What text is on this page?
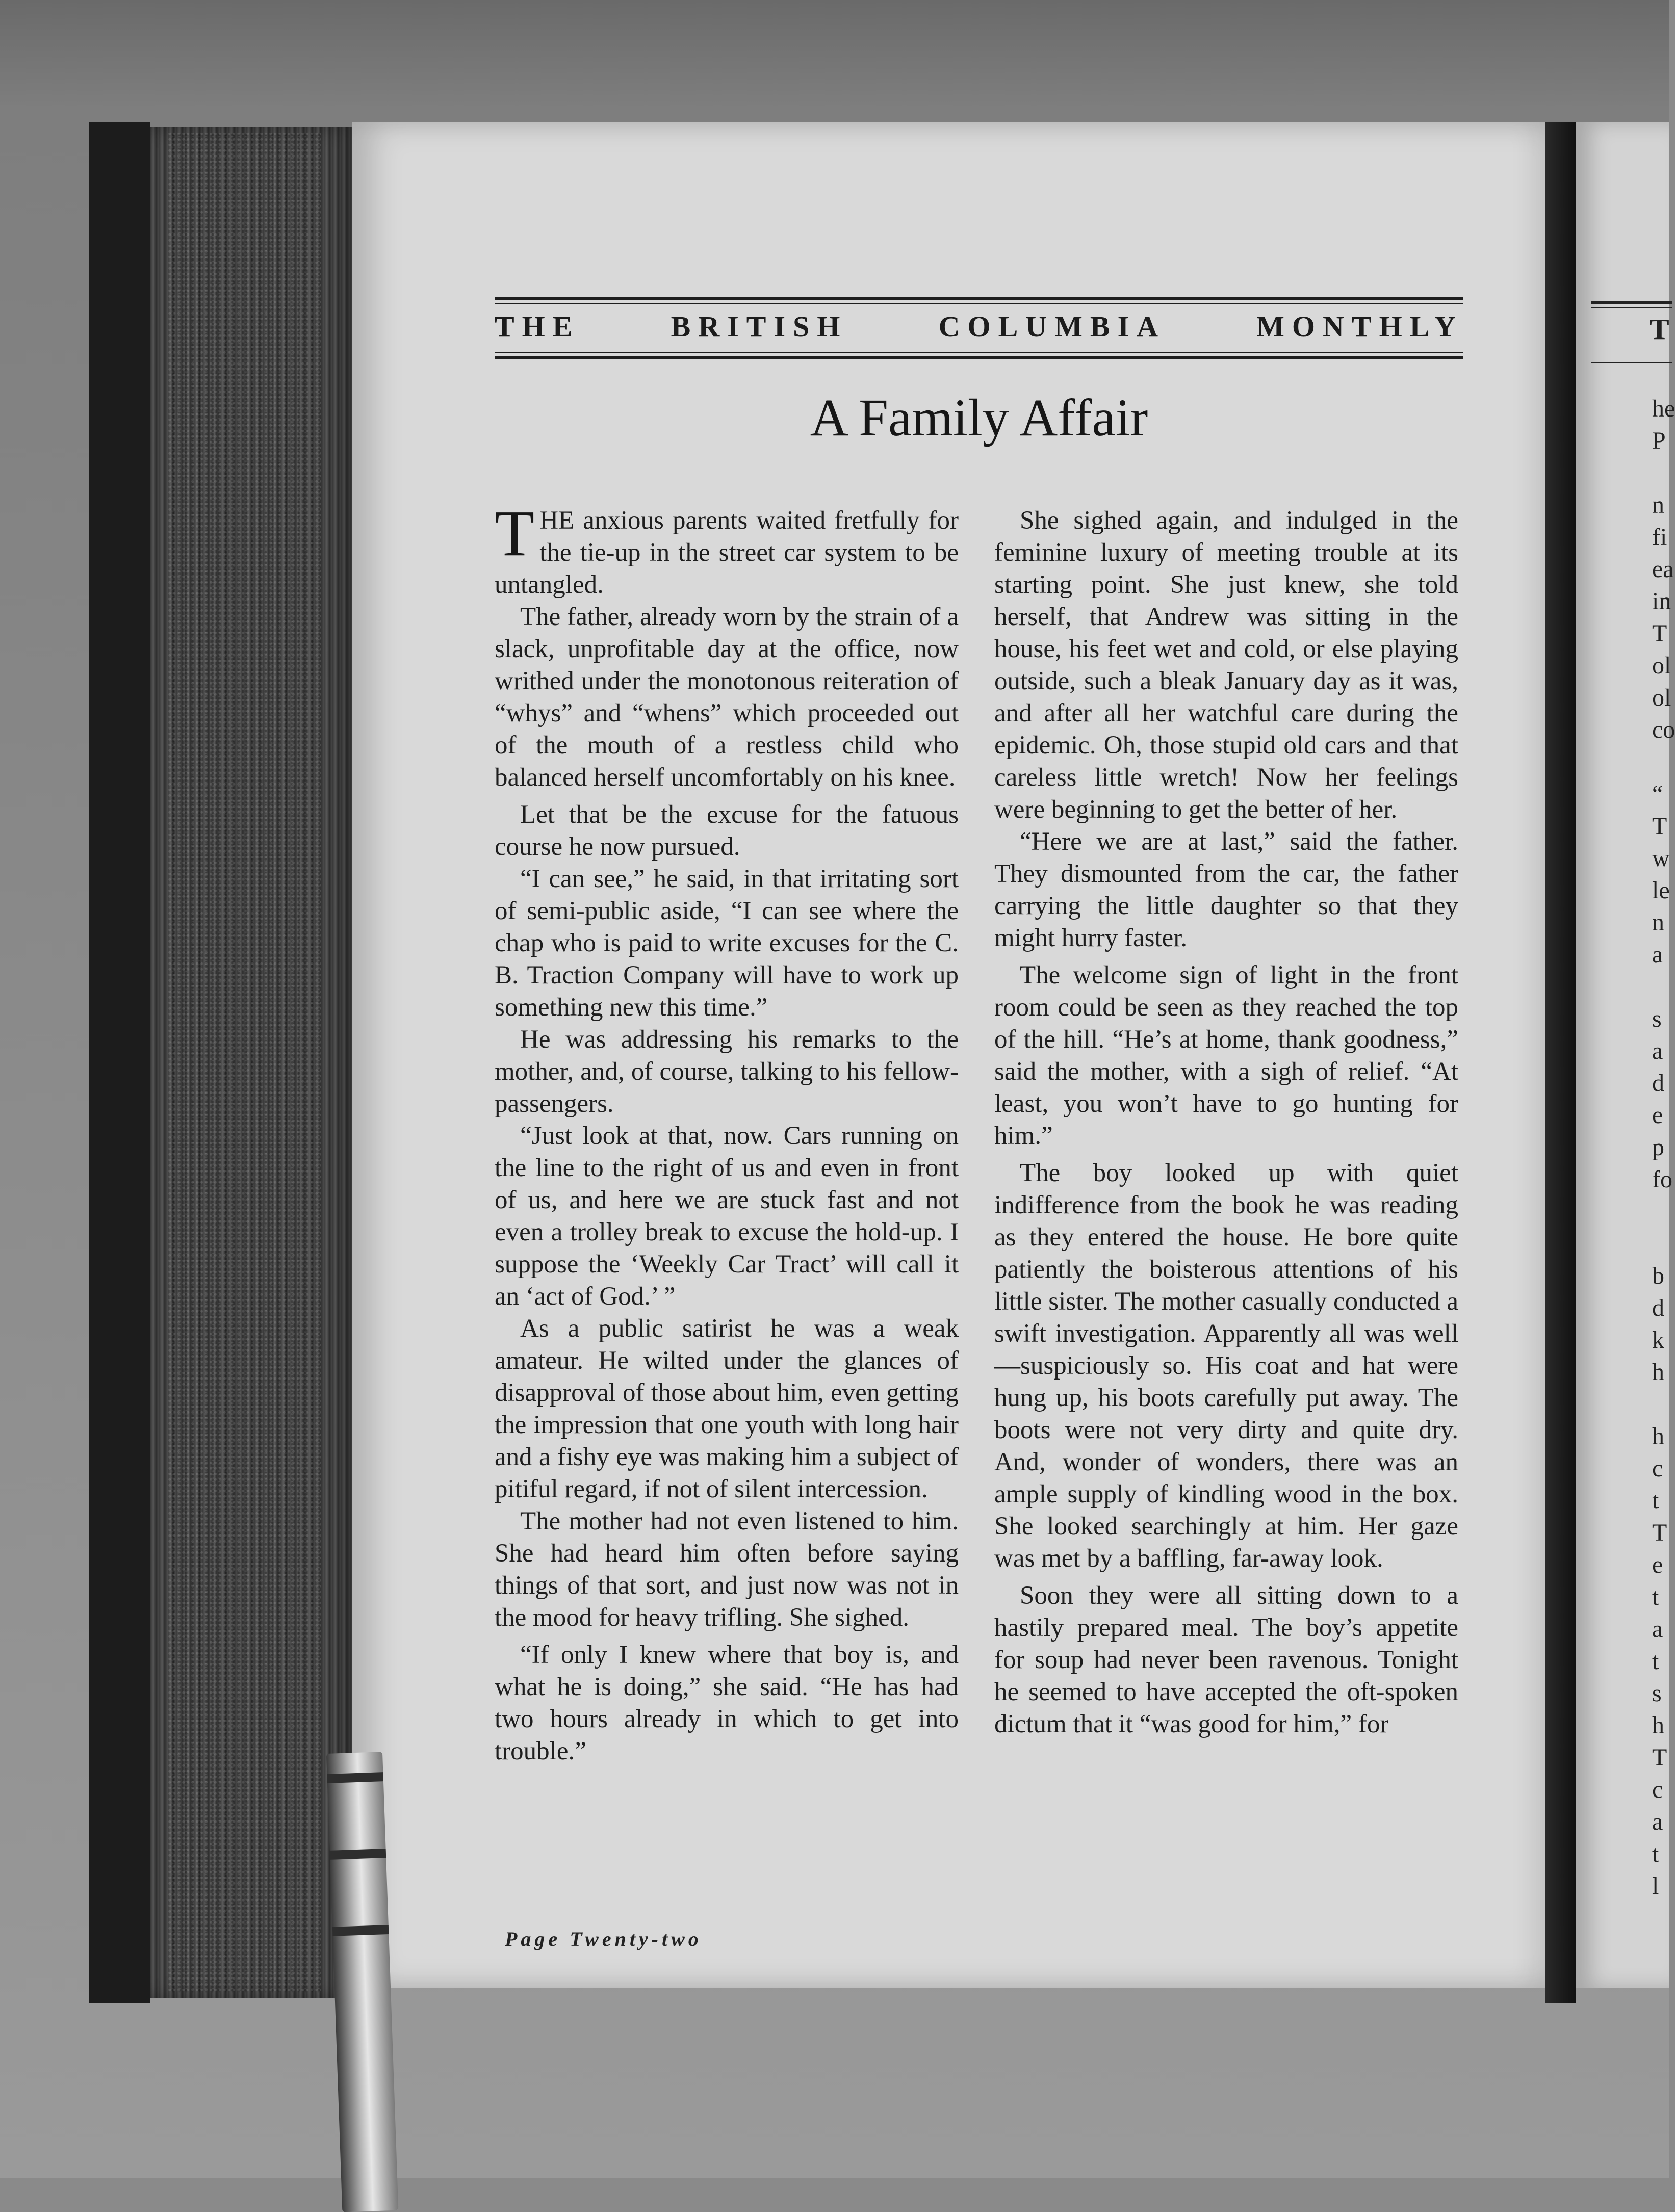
T
he
P

n
fi
ea
in
T
ol
ol
co

“
T
w
le
n
a

s
a
d
e
p
fo

b
d
k
h

h
c
t
T
e
t
a
t
s
h
T
c
a
t
l
THE	BRITISH	COLUMBIA	MONTHLY
A Family Affair

THE anxious parents waited fretfully for the tie-up in the street car system to be untangled.

The father, already worn by the strain of a slack, unprofitable day at the office, now writhed under the monotonous reiteration of “whys” and “whens” which proceeded out of the mouth of a restless child who balanced herself uncomfortably on his knee.

Let that be the excuse for the fatuous course he now pursued.

“I can see,” he said, in that irritating sort of semi-public aside, “I can see where the chap who is paid to write excuses for the C. B. Traction Company will have to work up something new this time.”

He was addressing his remarks to the mother, and, of course, talking to his fellow-passengers.

“Just look at that, now. Cars running on the line to the right of us and even in front of us, and here we are stuck fast and not even a trolley break to excuse the hold-up. I suppose the ‘Weekly Car Tract’ will call it an ‘act of God.’ ”

As a public satirist he was a weak amateur. He wilted under the glances of disapproval of those about him, even getting the impression that one youth with long hair and a fishy eye was making him a subject of pitiful regard, if not of silent intercession.

The mother had not even listened to him. She had heard him often before saying things of that sort, and just now was not in the mood for heavy trifling. She sighed.

“If only I knew where that boy is, and what he is doing,” she said. “He has had two hours already in which to get into trouble.”

She sighed again, and indulged in the feminine luxury of meeting trouble at its starting point. She just knew, she told herself, that Andrew was sitting in the house, his feet wet and cold, or else playing outside, such a bleak January day as it was, and after all her watchful care during the epidemic. Oh, those stupid old cars and that careless little wretch! Now her feelings were beginning to get the better of her.

“Here we are at last,” said the father. They dismounted from the car, the father carrying the little daughter so that they might hurry faster.

The welcome sign of light in the front room could be seen as they reached the top of the hill. “He’s at home, thank goodness,” said the mother, with a sigh of relief. “At least, you won’t have to go hunting for him.”

The boy looked up with quiet indifference from the book he was reading as they entered the house. He bore quite patiently the boisterous attentions of his little sister. The mother casually conducted a swift investigation. Apparently all was well—suspiciously so. His coat and hat were hung up, his boots carefully put away. The boots were not very dirty and quite dry. And, wonder of wonders, there was an ample supply of kindling wood in the box. She looked searchingly at him. Her gaze was met by a baffling, far-away look.

Soon they were all sitting down to a hastily prepared meal. The boy’s appetite for soup had never been ravenous. Tonight he seemed to have accepted the oft-spoken dictum that it “was good for him,” for

Page Twenty-two
